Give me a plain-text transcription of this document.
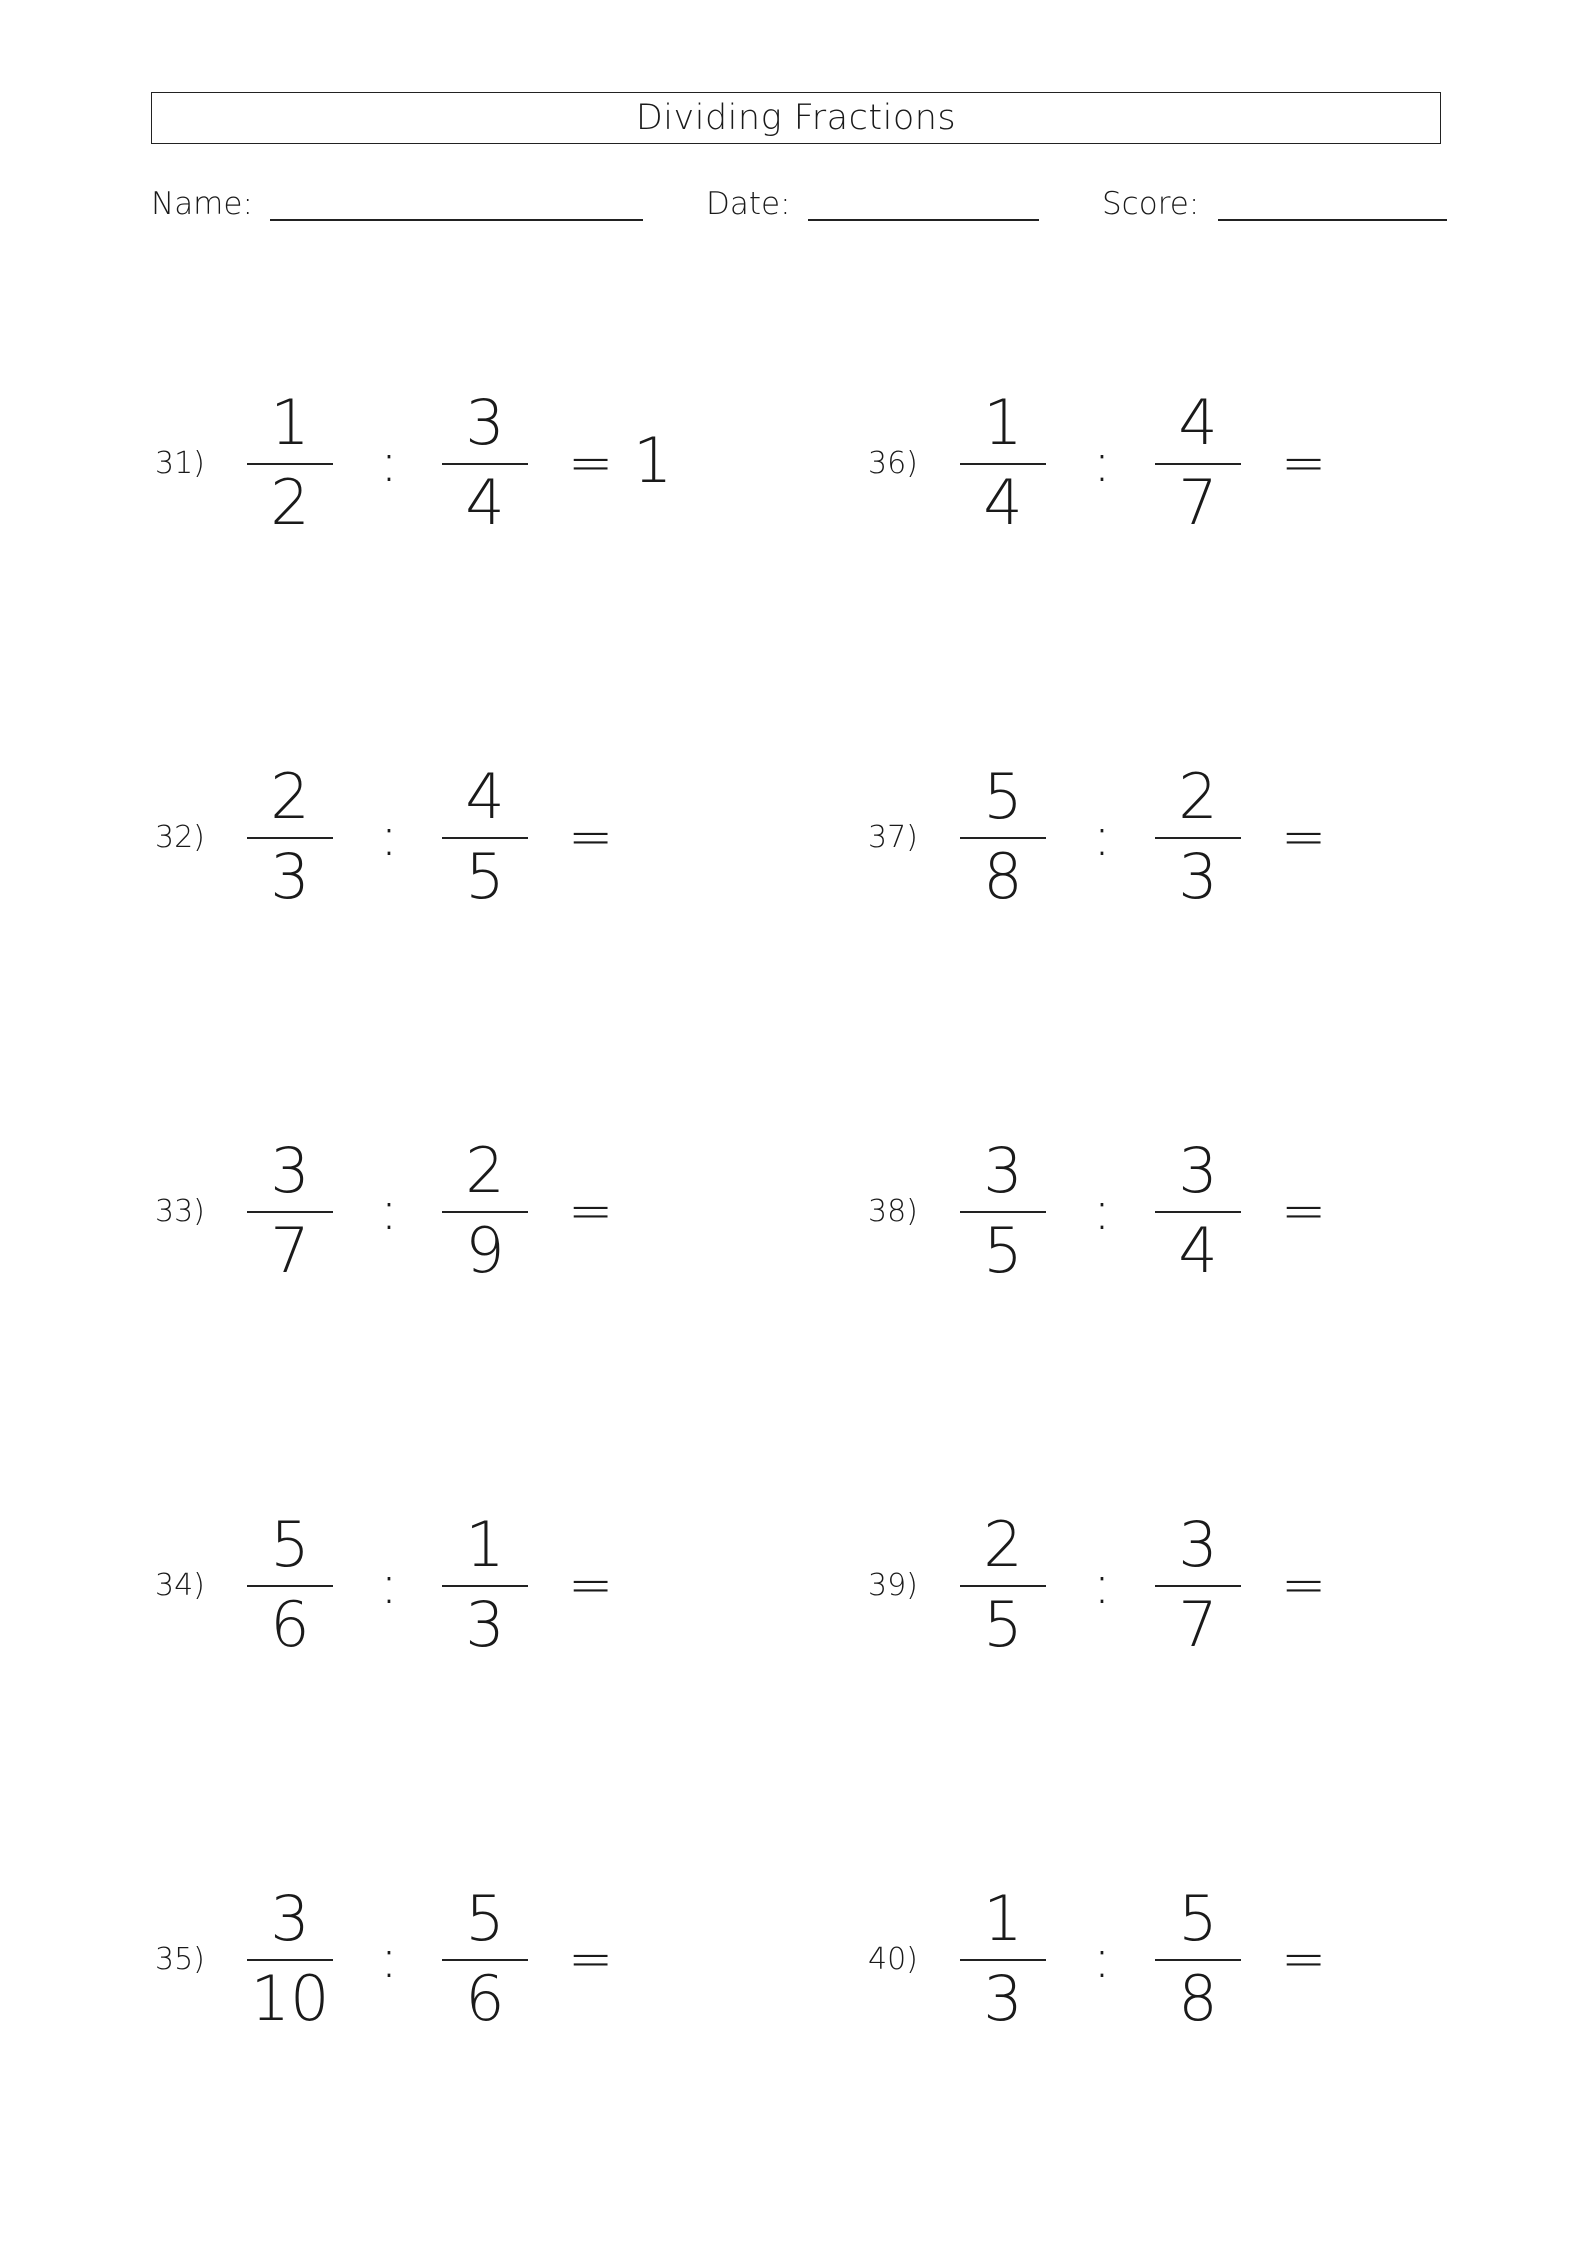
Dividing Fractions
Name:	Date:	Score:
31)
1
2
:
3
4
= 1
32)
2
3
:
4
5
=
33)
3
7
:
2
9
=
34)
5
6
:
1
3
=
35)
3
10
:
5
6
=
36)
1
4
:
4
7
=
37)
5
8
:
2
3
=
38)
3
5
:
3
4
=
39)
2
5
:
3
7
=
40)
1
3
:
5
8
=
